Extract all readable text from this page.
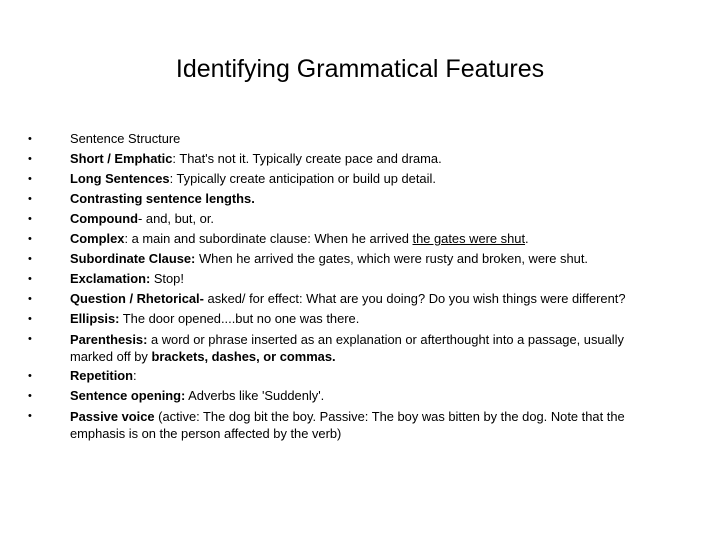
Identifying Grammatical Features
•	Sentence Structure
•	Short / Emphatic: That's not it. Typically create pace and drama.
•	Long Sentences: Typically create anticipation or build up detail.
•	Contrasting sentence lengths.
•	Compound- and, but, or.
•	Complex: a main and subordinate clause: When he arrived the gates were shut.
•	Subordinate Clause: When he arrived the gates, which were rusty and broken, were shut.
•	Exclamation: Stop!
•	Question / Rhetorical- asked/ for effect: What are you doing? Do you wish things were different?
•	Ellipsis: The door opened....but no one was there.
•	Parenthesis: a word or phrase inserted as an explanation or afterthought into a passage, usually
marked off by brackets, dashes, or commas.
•	Repetition:
•	Sentence opening: Adverbs like 'Suddenly'.
•	Passive voice (active: The dog bit the boy. Passive: The boy was bitten by the dog. Note that the
emphasis is on the person affected by the verb)
